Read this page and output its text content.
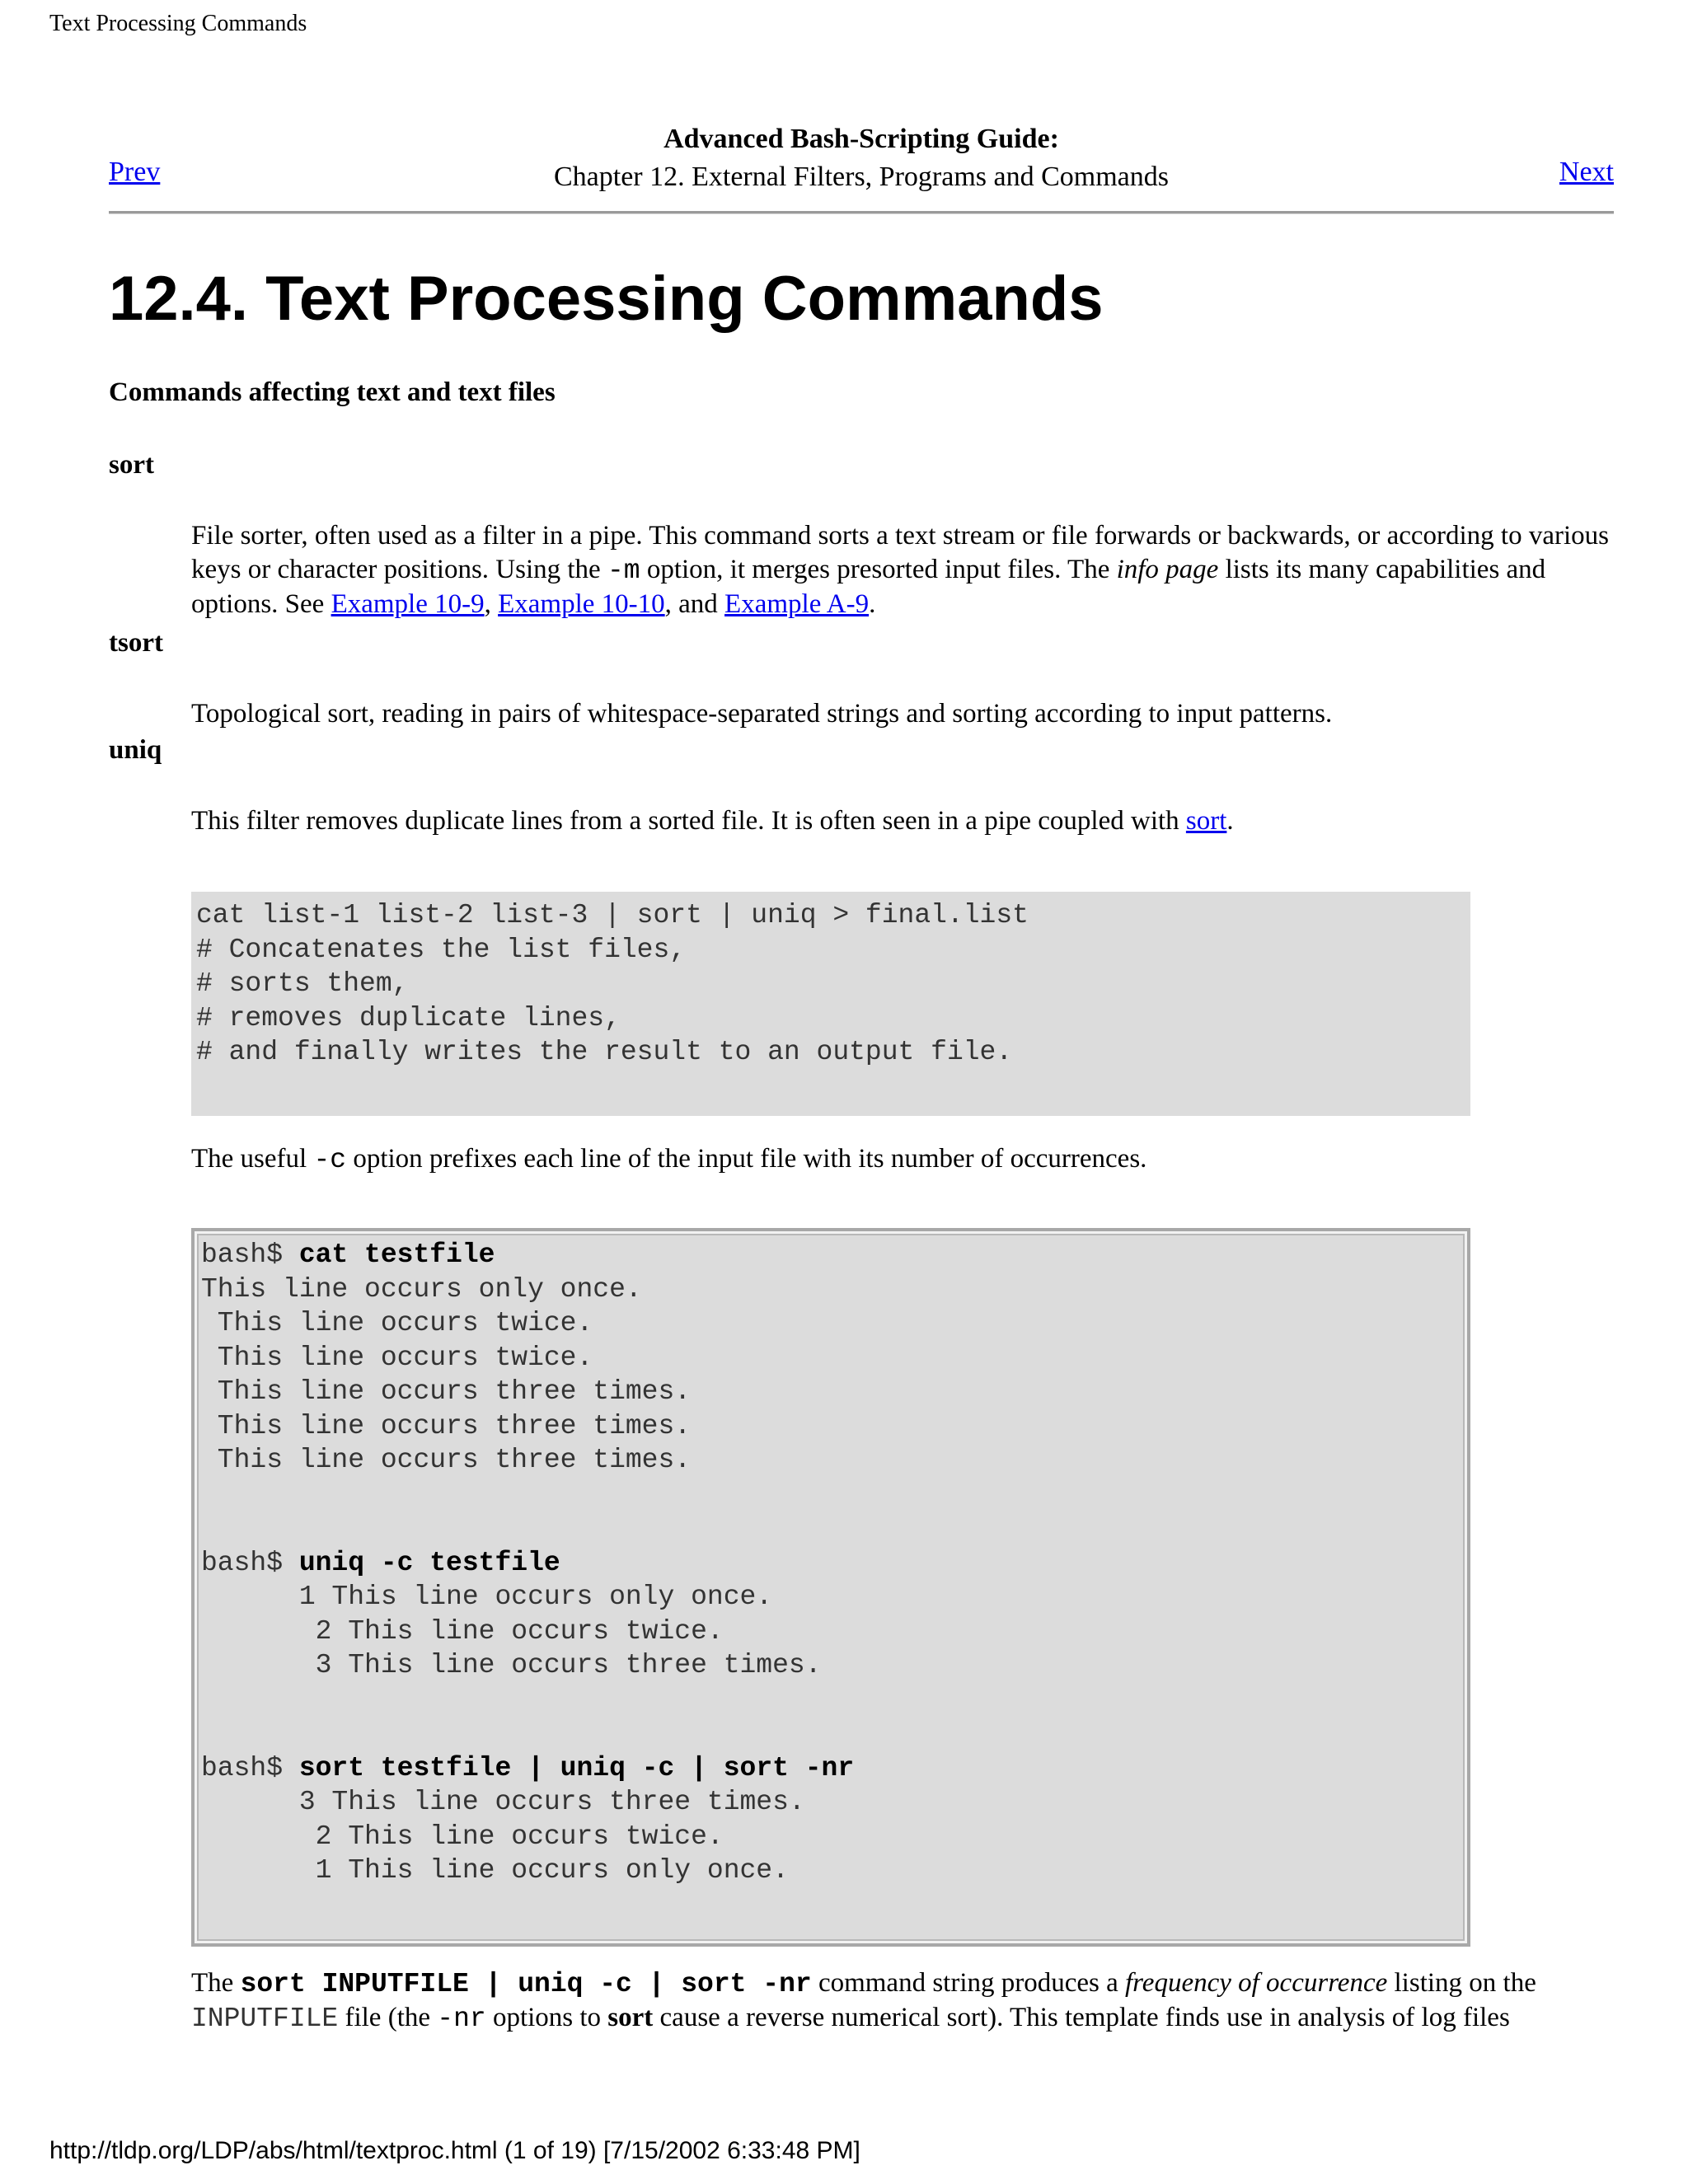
Text Processing Commands
Prev
Advanced Bash-Scripting Guide:
Chapter 12. External Filters, Programs and Commands	Next
12.4. Text Processing Commands
Commands affecting text and text files
sort
File sorter, often used as a filter in a pipe. This command sorts a text stream or file forwards or backwards, or according to various keys or character positions. Using the -m option, it merges presorted input files. The info page lists its many capabilities and options. See Example 10-9, Example 10-10, and Example A-9.
tsort
Topological sort, reading in pairs of whitespace-separated strings and sorting according to input patterns.
uniq
This filter removes duplicate lines from a sorted file. It is often seen in a pipe coupled with sort.
cat list-1 list-2 list-3 | sort | uniq > final.list
# Concatenates the list files,
# sorts them,
# removes duplicate lines,
# and finally writes the result to an output file.
The useful -c option prefixes each line of the input file with its number of occurrences.
bash$ cat testfile
This line occurs only once.
This line occurs twice.
This line occurs twice.
This line occurs three times.
This line occurs three times.
This line occurs three times.

bash$ uniq -c testfile
1 This line occurs only once.
2 This line occurs twice.
3 This line occurs three times.

bash$ sort testfile | uniq -c | sort -nr
3 This line occurs three times.
2 This line occurs twice.
1 This line occurs only once.
The sort INPUTFILE | uniq -c | sort -nr command string produces a frequency of occurrence listing on the INPUTFILE file (the -nr options to sort cause a reverse numerical sort). This template finds use in analysis of log files
http://tldp.org/LDP/abs/html/textproc.html (1 of 19) [7/15/2002 6:33:48 PM]
